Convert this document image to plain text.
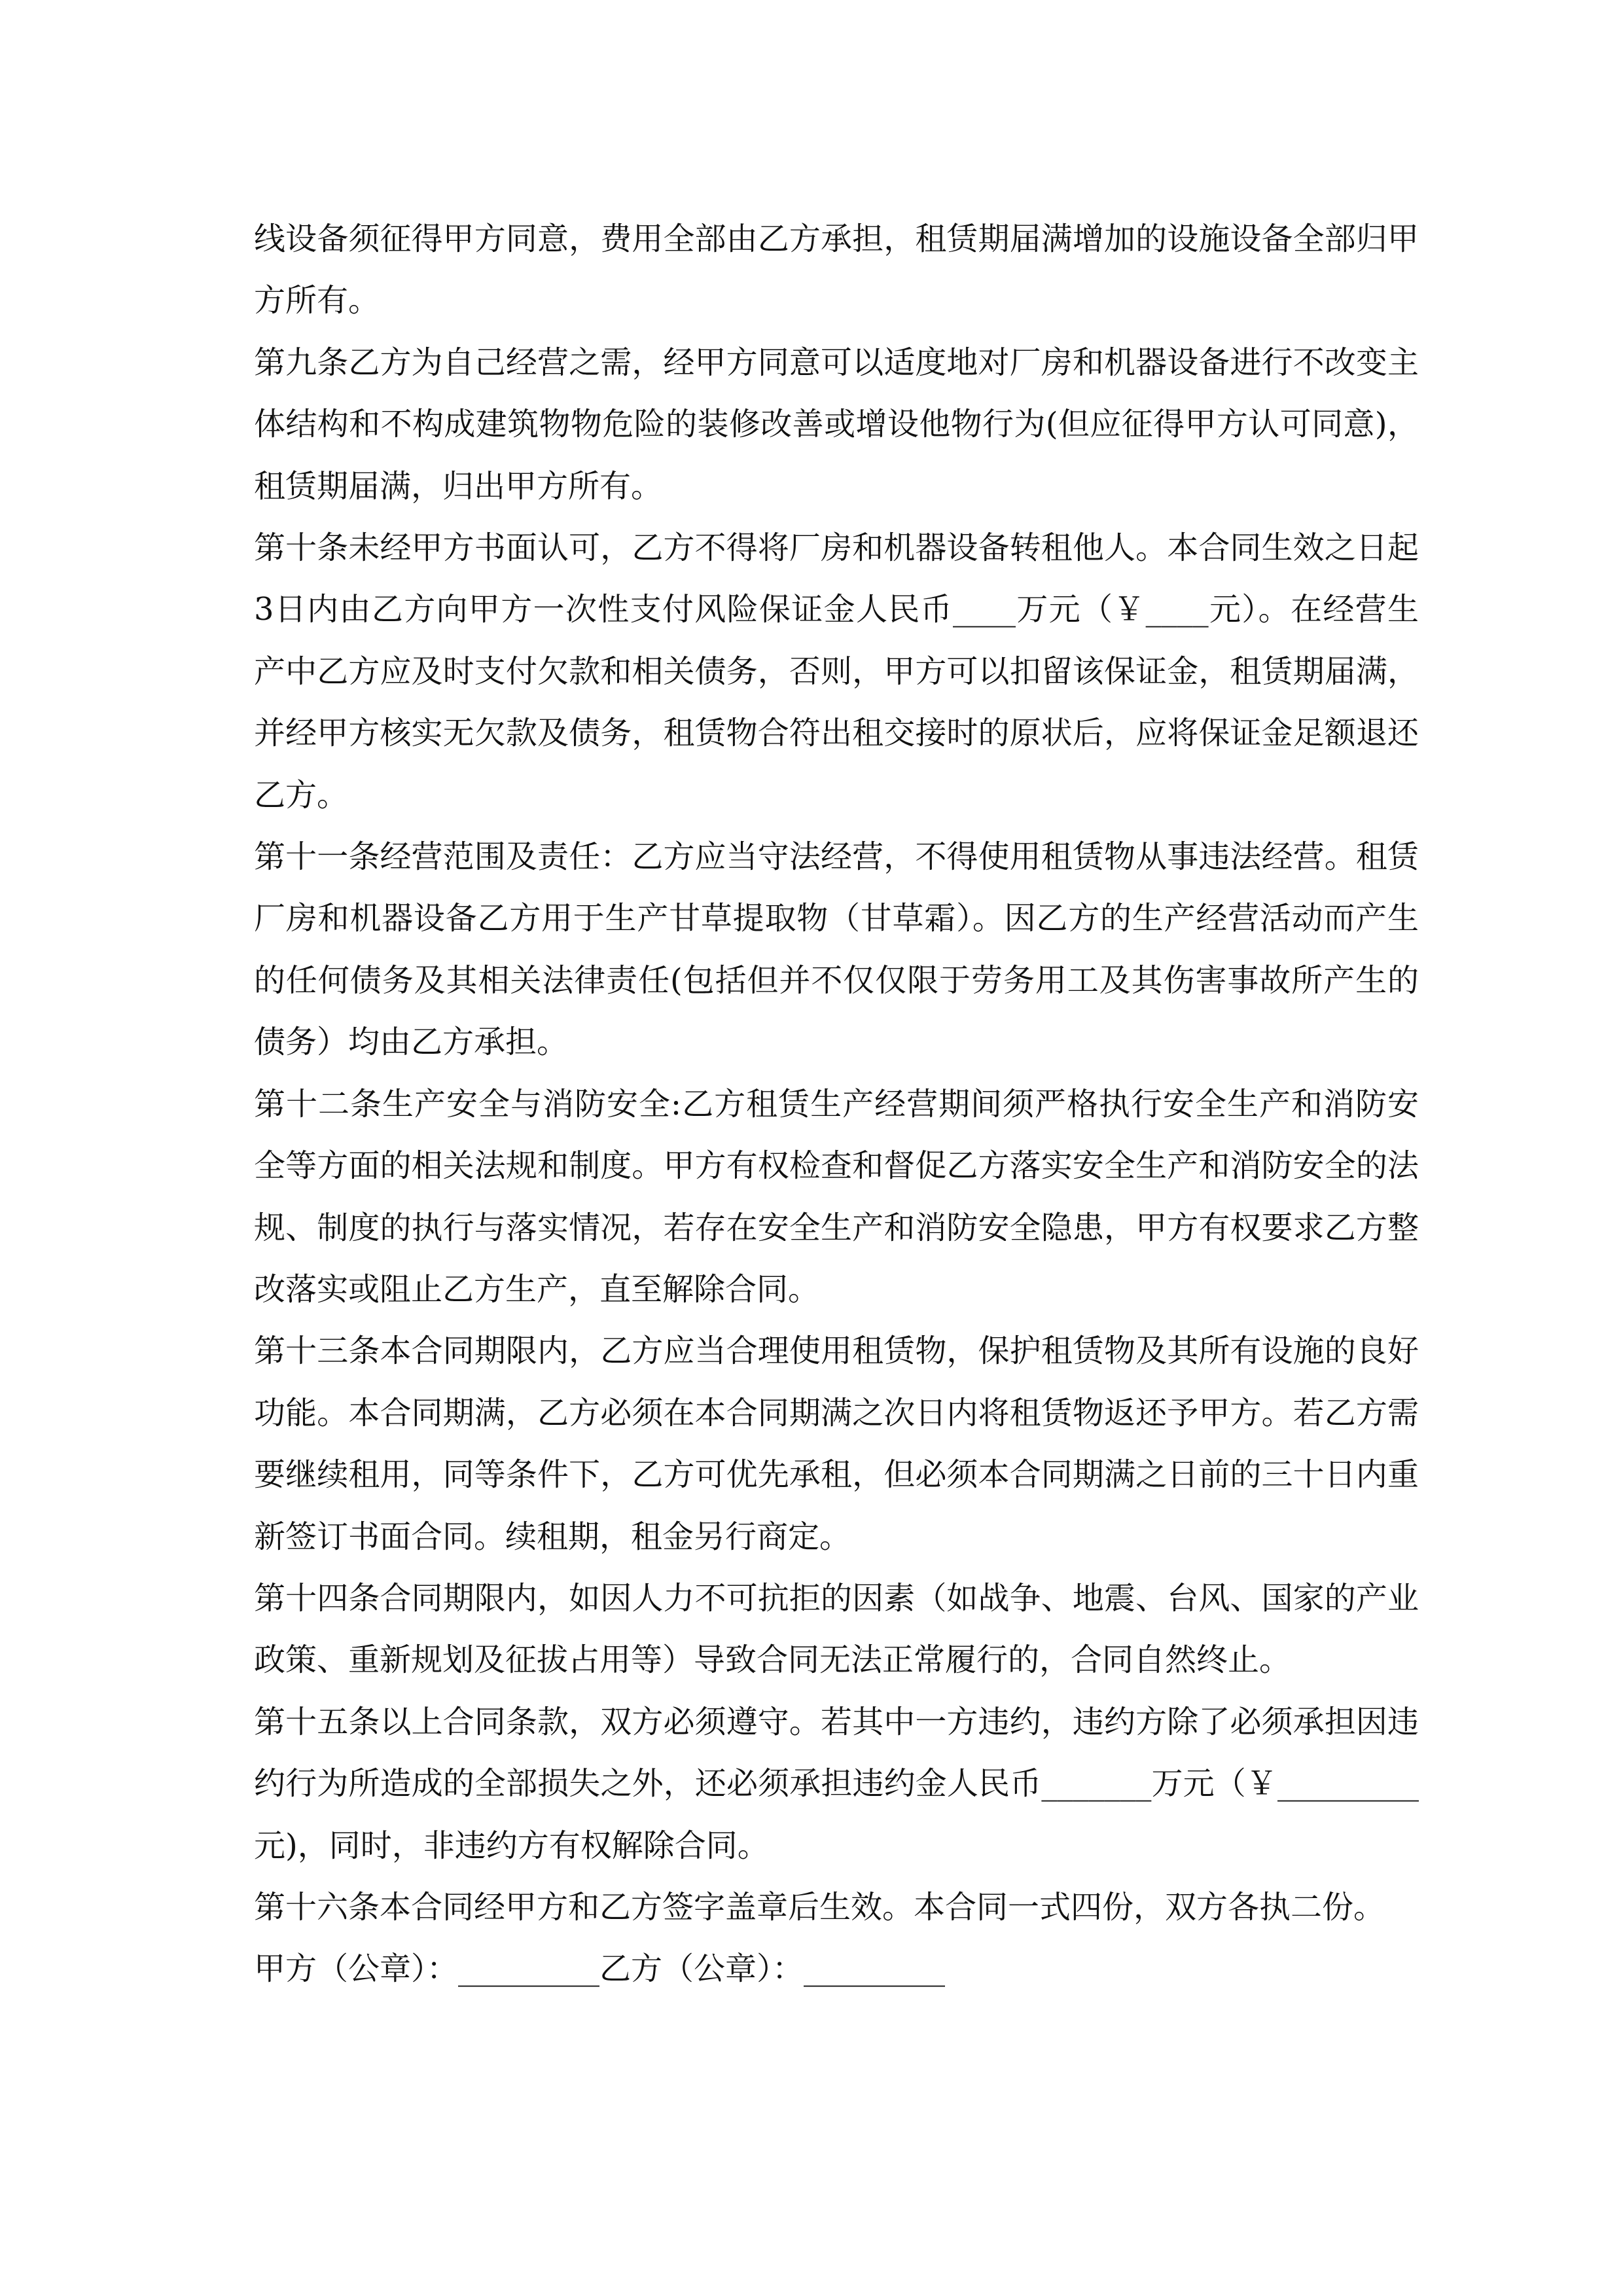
线设备须征得甲方同意，费用全部由乙方承担，租赁期届满增加的设施设备全部归甲方所有。

第九条乙方为自己经营之需，经甲方同意可以适度地对厂房和机器设备进行不改变主体结构和不构成建筑物物危险的装修改善或增设他物行为(但应征得甲方认可同意)，租赁期届满，归出甲方所有。

第十条未经甲方书面认可，乙方不得将厂房和机器设备转租他人。本合同生效之日起3日内由乙方向甲方一次性支付风险保证金人民币____万元（￥____元）。在经营生产中乙方应及时支付欠款和相关债务，否则，甲方可以扣留该保证金，租赁期届满，并经甲方核实无欠款及债务，租赁物合符出租交接时的原状后，应将保证金足额退还乙方。

第十一条经营范围及责任：乙方应当守法经营，不得使用租赁物从事违法经营。租赁厂房和机器设备乙方用于生产甘草提取物（甘草霜）。因乙方的生产经营活动而产生的任何债务及其相关法律责任(包括但并不仅仅限于劳务用工及其伤害事故所产生的债务）均由乙方承担。

第十二条生产安全与消防安全:乙方租赁生产经营期间须严格执行安全生产和消防安全等方面的相关法规和制度。甲方有权检查和督促乙方落实安全生产和消防安全的法规、制度的执行与落实情况，若存在安全生产和消防安全隐患，甲方有权要求乙方整改落实或阻止乙方生产，直至解除合同。

第十三条本合同期限内，乙方应当合理使用租赁物，保护租赁物及其所有设施的良好功能。本合同期满，乙方必须在本合同期满之次日内将租赁物返还予甲方。若乙方需要继续租用，同等条件下，乙方可优先承租，但必须本合同期满之日前的三十日内重新签订书面合同。续租期，租金另行商定。

第十四条合同期限内，如因人力不可抗拒的因素（如战争、地震、台风、国家的产业政策、重新规划及征拔占用等）导致合同无法正常履行的，合同自然终止。

第十五条以上合同条款，双方必须遵守。若其中一方违约，违约方除了必须承担因违约行为所造成的全部损失之外，还必须承担违约金人民币_______万元（￥_________元)，同时，非违约方有权解除合同。

第十六条本合同经甲方和乙方签字盖章后生效。本合同一式四份，双方各执二份。

甲方（公章）：_________乙方（公章）：_________
